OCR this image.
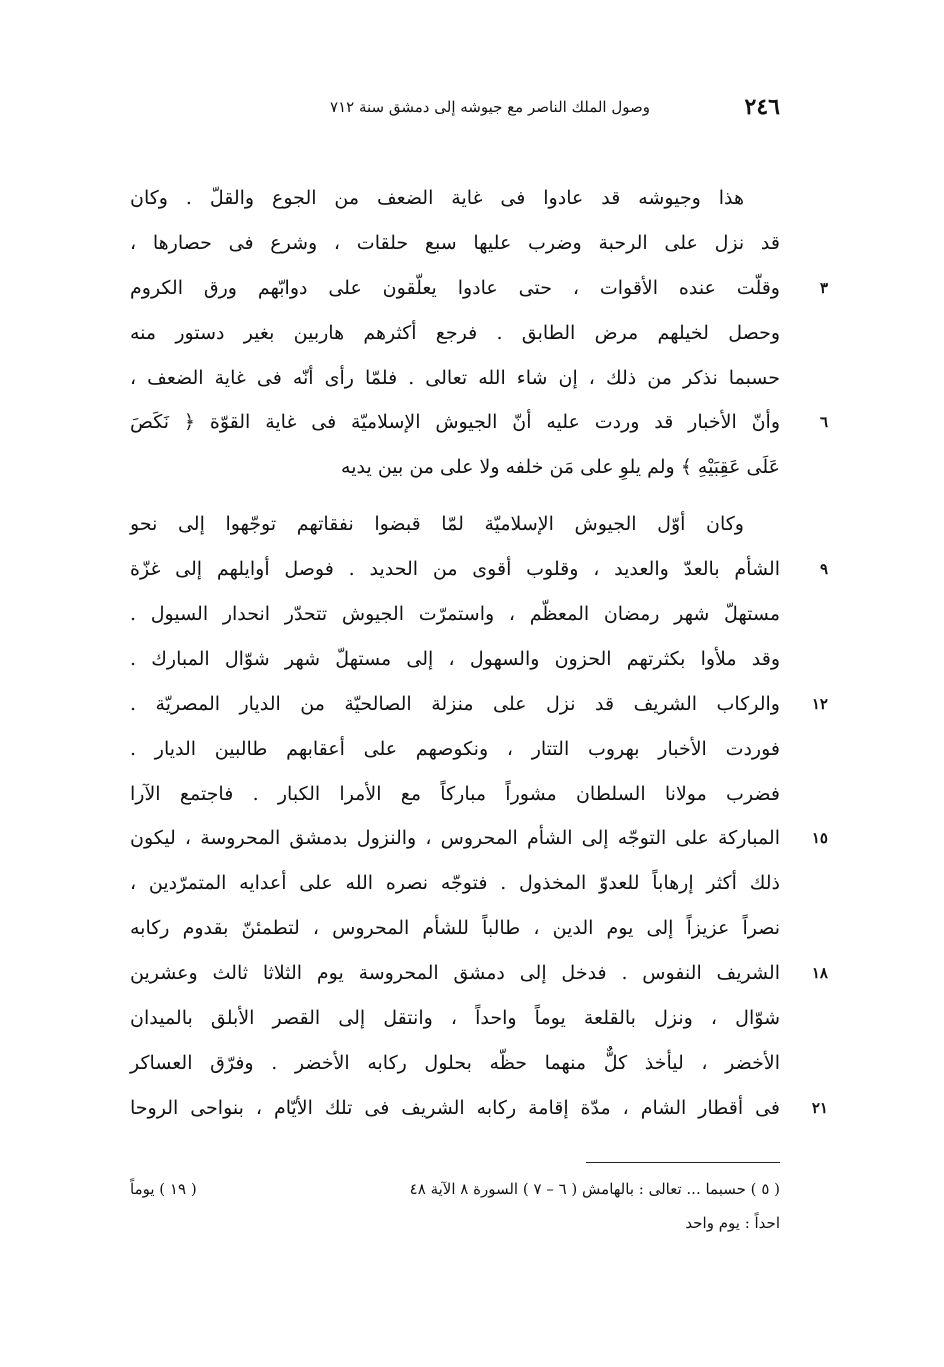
٢٤٦
وصول الملك الناصر مع جيوشه إلى دمشق سنة ٧١٢
هذا وجيوشه قد عادوا فى غاية الضعف من الجوع والقلّ . وكان
قد نزل على الرحبة وضرب عليها سبع حلقات ، وشرع فى حصارها ،
وقلّت عنده الأقوات ، حتى عادوا يعلّقون على دوابّهم ورق الكروم	٣
وحصل لخيلهم مرض الطابق . فرجع أكثرهم هاربين بغير دستور منه
حسبما نذكر من ذلك ، إن شاء الله تعالى . فلمّا رأى أنّه فى غاية الضعف ،
وأنّ الأخبار قد وردت عليه أنّ الجيوش الإسلاميّة فى غاية القوّة ﴿ نَكَصَ	٦
عَلَى عَقِبَيْهِ ﴾ ولم يلوِ على مَن خلفه ولا على من بين يديه
وكان أوّل الجيوش الإسلاميّة لمّا قبضوا نفقاتهم توجّهوا إلى نحو
الشأم بالعدّ والعديد ، وقلوب أقوى من الحديد . فوصل أوايلهم إلى غزّة	٩
مستهلّ شهر رمضان المعظّم ، واستمرّت الجيوش تتحدّر انحدار السيول .
وقد ملأوا بكثرتهم الحزون والسهول ، إلى مستهلّ شهر شوّال المبارك .
والركاب الشريف قد نزل على منزلة الصالحيّة من الديار المصريّة .	١٢
فوردت الأخبار بهروب التتار ، ونكوصهم على أعقابهم طالبين الديار .
فضرب مولانا السلطان مشوراً مباركاً مع الأمرا الكبار . فاجتمع الآرا
المباركة على التوجّه إلى الشأم المحروس ، والنزول بدمشق المحروسة ، ليكون	١٥
ذلك أكثر إرهاباً للعدوّ المخذول . فتوجّه نصره الله على أعدايه المتمرّدين ،
نصراً عزيزاً إلى يوم الدين ، طالباً للشأم المحروس ، لتطمئنّ بقدوم ركابه
الشريف النفوس . فدخل إلى دمشق المحروسة يوم الثلاثا ثالث وعشرين	١٨
شوّال ، ونزل بالقلعة يوماً واحداً ، وانتقل إلى القصر الأبلق بالميدان
الأخضر ، ليأخذ كلٌّ منهما حظّه بحلول ركابه الأخضر . وفرّق العساكر
فى أقطار الشام ، مدّة إقامة ركابه الشريف فى تلك الأيّام ، بنواحى الروحا	٢١
( ٥ ) حسبما ... تعالى : بالهامش ( ٦ – ٧ ) السورة ٨ الآية ٤٨
( ١٩ ) يوماً
احداً : يوم واحد
